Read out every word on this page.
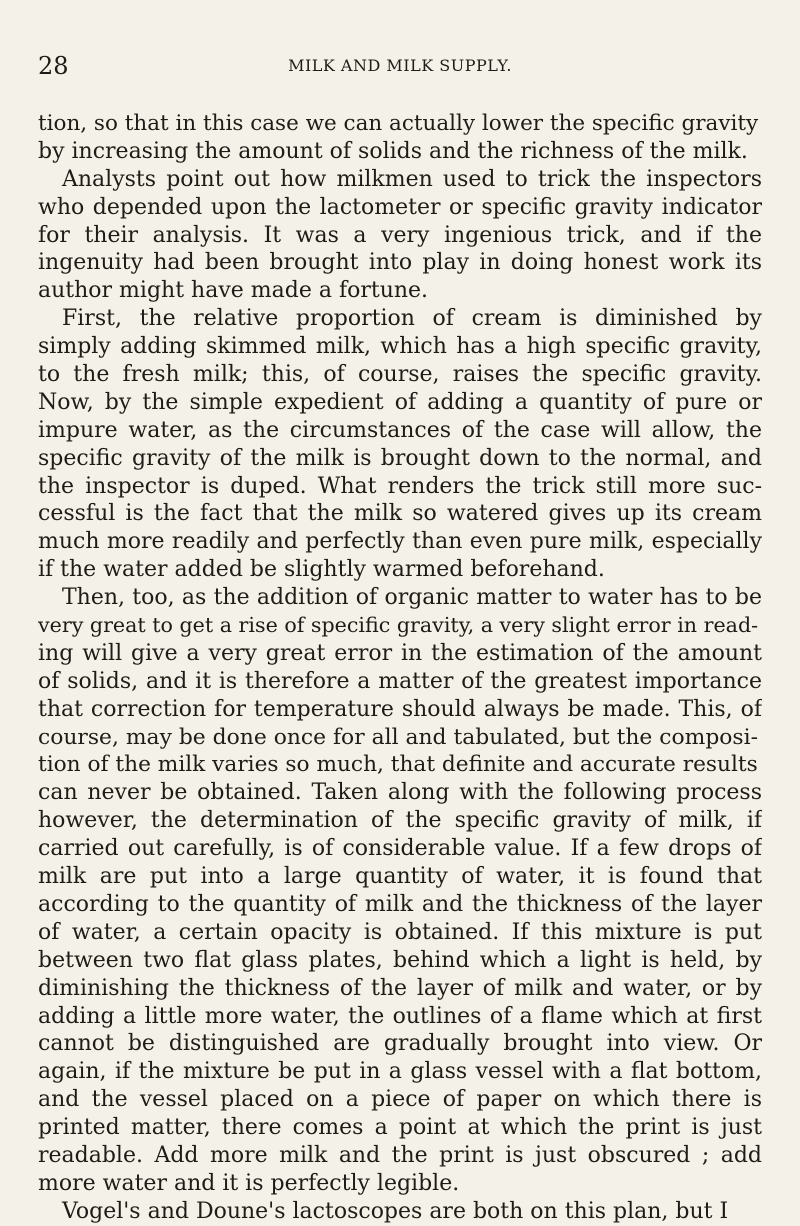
28	MILK AND MILK SUPPLY.
tion, so that in this case we can actually lower the specific gravity
by increasing the amount of solids and the richness of the milk.
Analysts point out how milkmen used to trick the inspectors
who depended upon the lactometer or specific gravity indicator
for their analysis. It was a very ingenious trick, and if the
ingenuity had been brought into play in doing honest work its
author might have made a fortune.
First, the relative proportion of cream is diminished by
simply adding skimmed milk, which has a high specific gravity,
to the fresh milk; this, of course, raises the specific gravity.
Now, by the simple expedient of adding a quantity of pure or
impure water, as the circumstances of the case will allow, the
specific gravity of the milk is brought down to the normal, and
the inspector is duped. What renders the trick still more suc-
cessful is the fact that the milk so watered gives up its cream
much more readily and perfectly than even pure milk, especially
if the water added be slightly warmed beforehand.
Then, too, as the addition of organic matter to water has to be
very great to get a rise of specific gravity, a very slight error in read-
ing will give a very great error in the estimation of the amount
of solids, and it is therefore a matter of the greatest importance
that correction for temperature should always be made. This, of
course, may be done once for all and tabulated, but the composi-
tion of the milk varies so much, that definite and accurate results
can never be obtained. Taken along with the following process
however, the determination of the specific gravity of milk, if
carried out carefully, is of considerable value. If a few drops of
milk are put into a large quantity of water, it is found that
according to the quantity of milk and the thickness of the layer
of water, a certain opacity is obtained. If this mixture is put
between two flat glass plates, behind which a light is held, by
diminishing the thickness of the layer of milk and water, or by
adding a little more water, the outlines of a flame which at first
cannot be distinguished are gradually brought into view. Or
again, if the mixture be put in a glass vessel with a flat bottom,
and the vessel placed on a piece of paper on which there is
printed matter, there comes a point at which the print is just
readable. Add more milk and the print is just obscured ; add
more water and it is perfectly legible.
Vogel's and Doune's lactoscopes are both on this plan, but I
